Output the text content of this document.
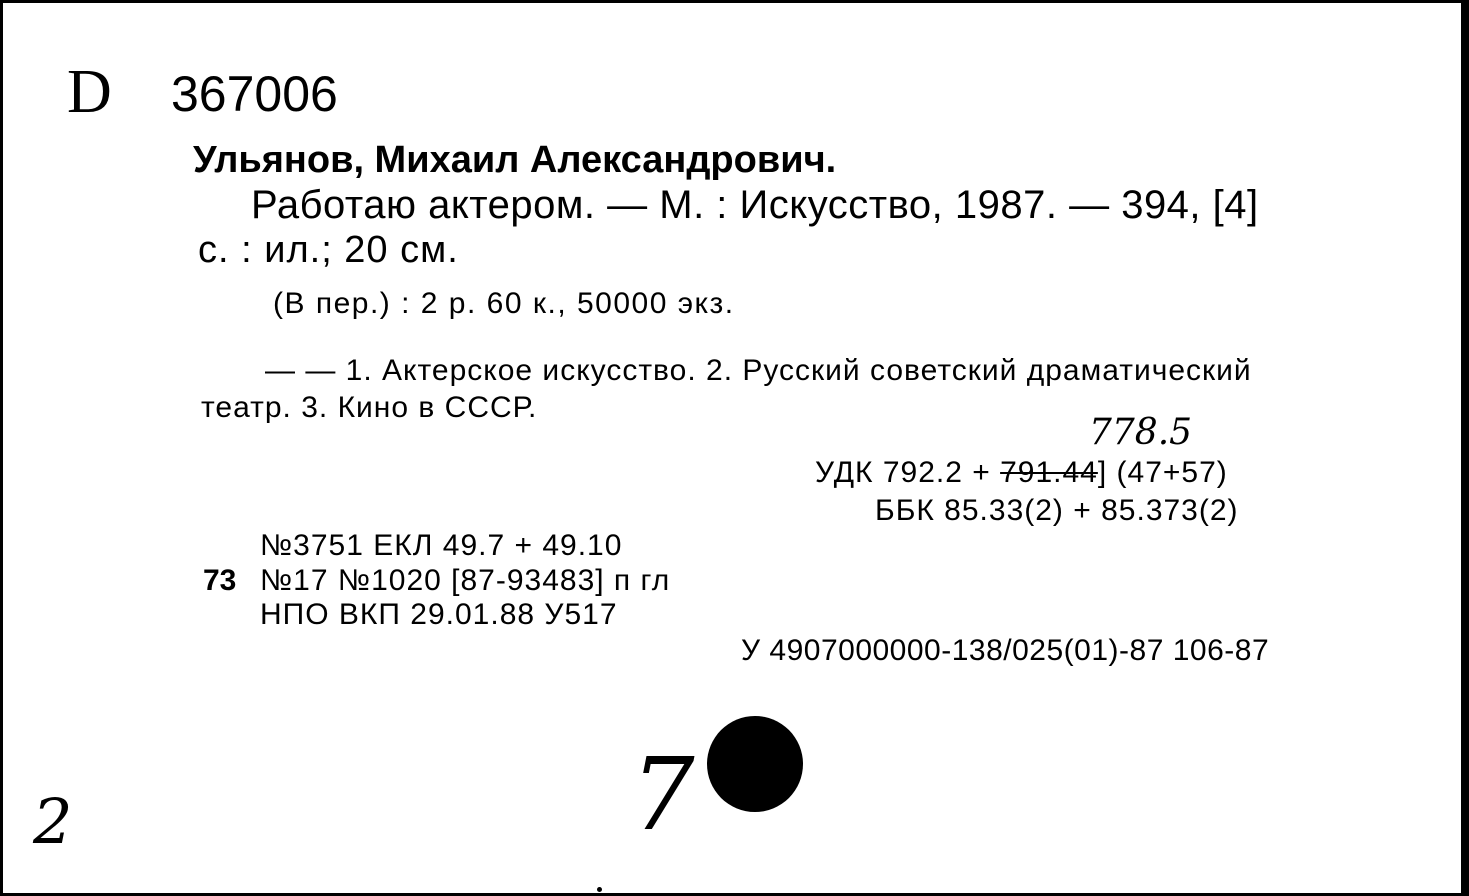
D 367006
Ульянов, Михаил Александрович.
Работаю актером. — М. : Искусство, 1987. — 394, [4]
с. : ил.; 20 см.
(В пер.) : 2 р. 60 к., 50000 экз.
— — 1. Актерское искусство. 2. Русский советский драматический
театр. 3. Кино в СССР.
778.5
УДК 792.2 + 791.44] (47+57)
ББК 85.33(2) + 85.373(2)
№3751 ЕКЛ 49.7 + 49.10
73 №17 №1020 [87-93483] п гл
НПО ВКП 29.01.88 У517
У 4907000000-138/025(01)-87 106-87
2	7
